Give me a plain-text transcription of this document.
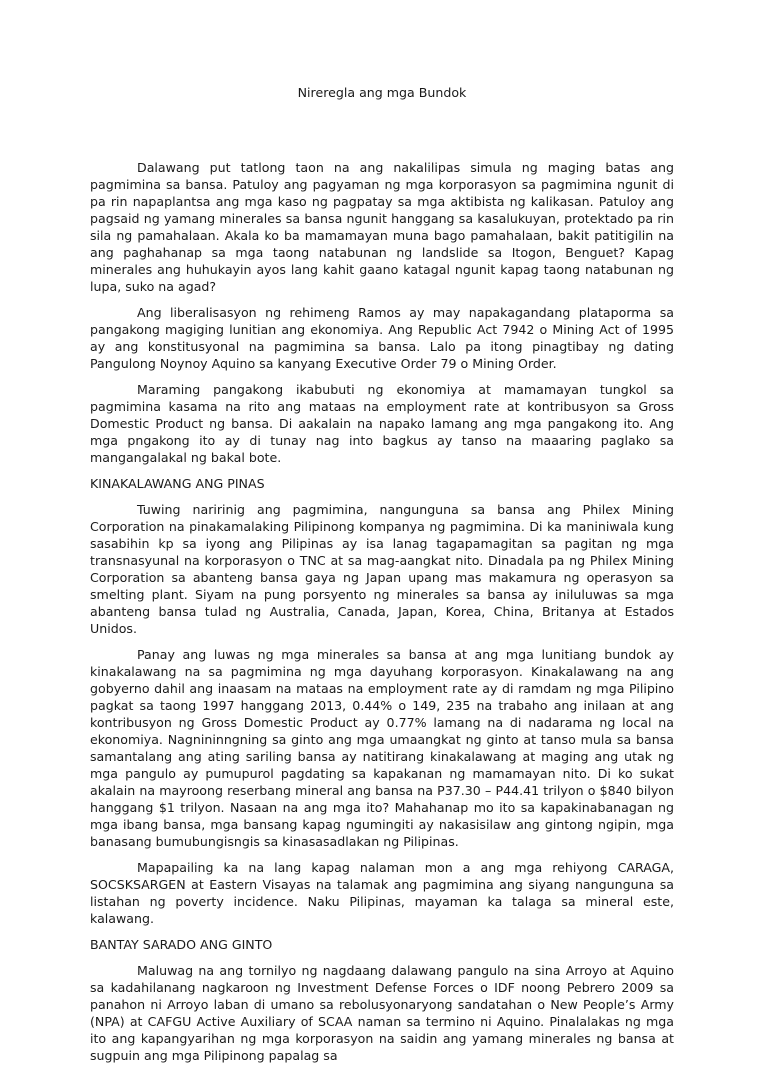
Nireregla ang mga Bundok

Dalawang put tatlong taon na ang nakalilipas simula ng maging batas ang pagmimina sa bansa. Patuloy ang pagyaman ng mga korporasyon sa pagmimina ngunit di pa rin napaplantsa ang mga kaso ng pagpatay sa mga aktibista ng kalikasan. Patuloy ang pagsaid ng yamang minerales sa bansa ngunit hanggang sa kasalukuyan, protektado pa rin sila ng pamahalaan. Akala ko ba mamamayan muna bago pamahalaan, bakit patitigilin na ang paghahanap sa mga taong natabunan ng landslide sa Itogon, Benguet? Kapag minerales ang huhukayin ayos lang kahit gaano katagal ngunit kapag taong natabunan ng lupa, suko na agad?

Ang liberalisasyon ng rehimeng Ramos ay may napakagandang plataporma sa pangakong magiging lunitian ang ekonomiya. Ang Republic Act 7942 o Mining Act of 1995 ay ang konstitusyonal na pagmimina sa bansa. Lalo pa itong pinagtibay ng dating Pangulong Noynoy Aquino sa kanyang Executive Order 79 o Mining Order.

Maraming pangakong ikabubuti ng ekonomiya at mamamayan tungkol sa pagmimina kasama na rito ang mataas na employment rate at kontribusyon sa Gross Domestic Product ng bansa. Di aakalain na napako lamang ang mga pangakong ito. Ang mga pngakong ito ay di tunay nag into bagkus ay tanso na maaaring paglako sa mangangalakal ng bakal bote.

KINAKALAWANG ANG PINAS

Tuwing naririnig ang pagmimina, nangunguna sa bansa ang Philex Mining Corporation na pinakamalaking Pilipinong kompanya ng pagmimina. Di ka maniniwala kung sasabihin kp sa iyong ang Pilipinas ay isa lanag tagapamagitan sa pagitan ng mga transnasyunal na korporasyon o TNC at sa mag-aangkat nito. Dinadala pa ng Philex Mining Corporation sa abanteng bansa gaya ng Japan upang mas makamura ng operasyon sa smelting plant. Siyam na pung porsyento ng minerales sa bansa ay iniluluwas sa mga abanteng bansa tulad ng Australia, Canada, Japan, Korea, China, Britanya at Estados Unidos.

Panay ang luwas ng mga minerales sa bansa at ang mga lunitiang bundok ay kinakalawang na sa pagmimina ng mga dayuhang korporasyon. Kinakalawang na ang gobyerno dahil ang inaasam na mataas na employment rate ay di ramdam ng mga Pilipino pagkat sa taong 1997 hanggang 2013, 0.44% o 149, 235 na trabaho ang inilaan at ang kontribusyon ng Gross Domestic Product ay 0.77% lamang na di nadarama ng local na ekonomiya. Nagnininngning sa ginto ang mga umaangkat ng ginto at tanso mula sa bansa samantalang ang ating sariling bansa ay natitirang kinakalawang at maging ang utak ng mga pangulo ay pumupurol pagdating sa kapakanan ng mamamayan nito. Di ko sukat akalain na mayroong reserbang mineral ang bansa na P37.30 – P44.41 trilyon o $840 bilyon hanggang $1 trilyon. Nasaan na ang mga ito? Mahahanap mo ito sa kapakinabanagan ng mga ibang bansa, mga bansang kapag ngumingiti ay nakasisilaw ang gintong ngipin, mga banasang bumubungisngis sa kinasasadlakan ng Pilipinas.

Mapapailing ka na lang kapag nalaman mon a ang mga rehiyong CARAGA, SOCSKSARGEN at Eastern Visayas na talamak ang pagmimina ang siyang nangunguna sa listahan ng poverty incidence. Naku Pilipinas, mayaman ka talaga sa mineral este, kalawang.

BANTAY SARADO ANG GINTO

Maluwag na ang tornilyo ng nagdaang dalawang pangulo na sina Arroyo at Aquino sa kadahilanang nagkaroon ng Investment Defense Forces o IDF noong Pebrero 2009 sa panahon ni Arroyo laban di umano sa rebolusyonaryong sandatahan o New People’s Army (NPA) at CAFGU Active Auxiliary of SCAA naman sa termino ni Aquino. Pinalalakas ng mga ito ang kapangyarihan ng mga korporasyon na saidin ang yamang minerales ng bansa at sugpuin ang mga Pilipinong papalag sa
